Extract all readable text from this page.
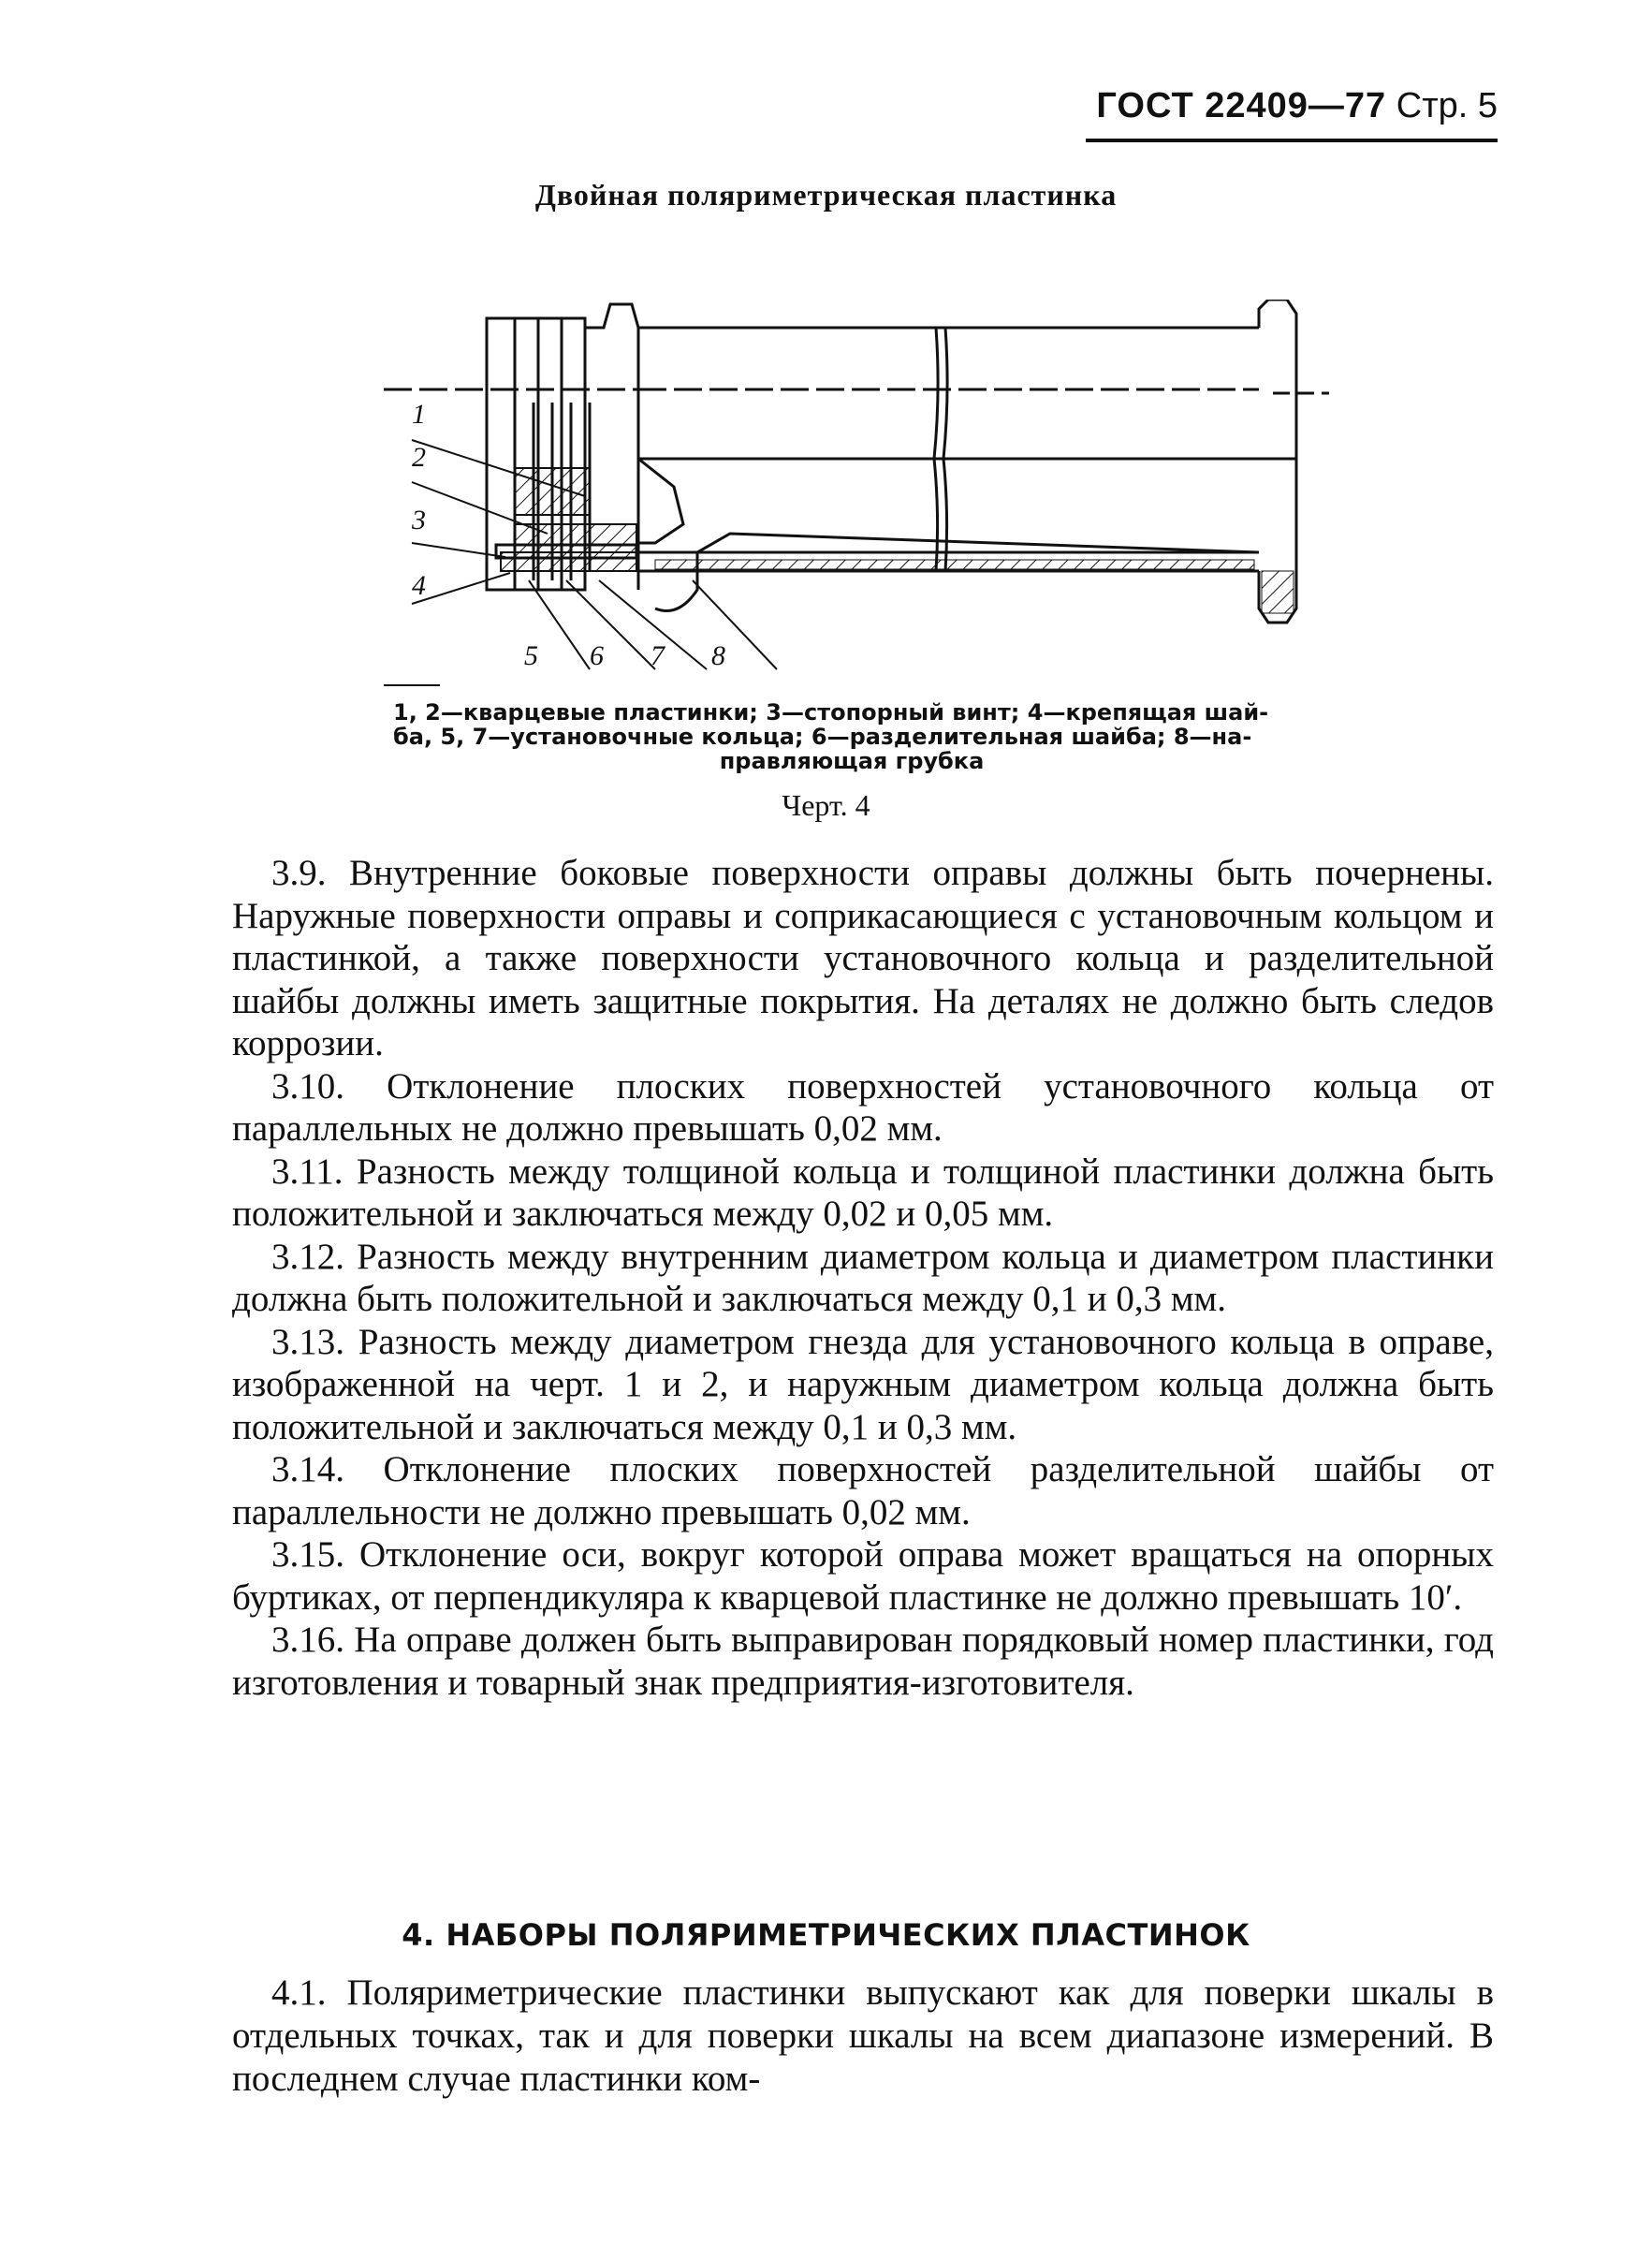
ГОСТ 22409—77 Стр. 5
Двойная поляриметрическая пластинка
1
2
3
4
5 6 7 8
1, 2—кварцевые пластинки; 3—стопорный винт; 4—крепящая шай-
ба, 5, 7—установочные кольца; 6—разделительная шайба; 8—на-
правляющая грубка
Черт. 4

3.9. Внутренние боковые поверхности оправы должны быть почернены. Наружные поверхности оправы и соприкасающиеся с установочным кольцом и пластинкой, а также поверхности установочного кольца и разделительной шайбы должны иметь защитные покрытия. На деталях не должно быть следов коррозии.

3.10. Отклонение плоских поверхностей установочного кольца от параллельных не должно превышать 0,02 мм.

3.11. Разность между толщиной кольца и толщиной пластинки должна быть положительной и заключаться между 0,02 и 0,05 мм.

3.12. Разность между внутренним диаметром кольца и диаметром пластинки должна быть положительной и заключаться между 0,1 и 0,3 мм.

3.13. Разность между диаметром гнезда для установочного кольца в оправе, изображенной на черт. 1 и 2, и наружным диаметром кольца должна быть положительной и заключаться между 0,1 и 0,3 мм.

3.14. Отклонение плоских поверхностей разделительной шайбы от параллельности не должно превышать 0,02 мм.

3.15. Отклонение оси, вокруг которой оправа может вращаться на опорных буртиках, от перпендикуляра к кварцевой пластинке не должно превышать 10′.

3.16. На оправе должен быть выправирован порядковый номер пластинки, год изготовления и товарный знак предприятия-изготовителя.

4. НАБОРЫ ПОЛЯРИМЕТРИЧЕСКИХ ПЛАСТИНОК

4.1. Поляриметрические пластинки выпускают как для поверки шкалы в отдельных точках, так и для поверки шкалы на всем диапазоне измерений. В последнем случае пластинки ком-
